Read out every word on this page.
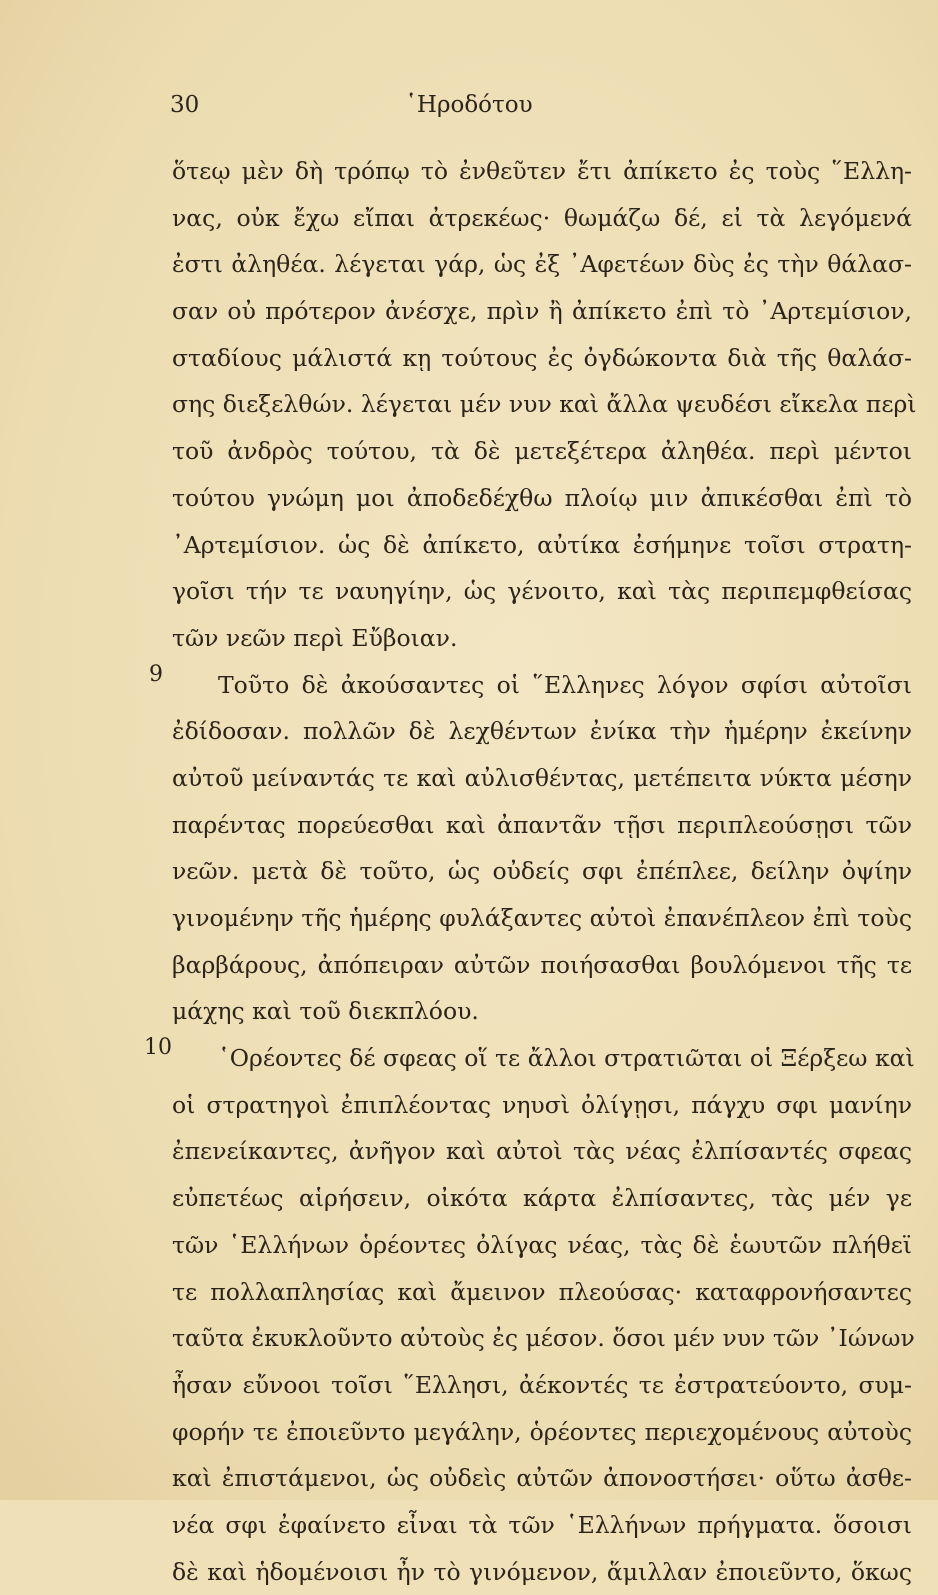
30	῾Ηροδότου
ὅτεῳ μὲν δὴ τρόπῳ τὸ ἐνθεῦτεν ἔτι ἀπίκετο ἐς τοὺς ῞Ελλη-
νας, οὐκ ἔχω εἴπαι ἀτρεκέως· θωμάζω δέ, εἰ τὰ λεγόμενά
ἐστι ἀληθέα. λέγεται γάρ, ὡς ἐξ ᾿Αφετέων δὺς ἐς τὴν θάλασ-
σαν οὐ πρότερον ἀνέσχε, πρὶν ἢ ἀπίκετο ἐπὶ τὸ ᾿Αρτεμίσιον,
σταδίους μάλιστά κῃ τούτους ἐς ὀγδώκοντα διὰ τῆς θαλάσ-
σης διεξελθών. λέγεται μέν νυν καὶ ἄλλα ψευδέσι εἴκελα περὶ
τοῦ ἀνδρὸς τούτου, τὰ δὲ μετεξέτερα ἀληθέα. περὶ μέντοι
τούτου γνώμη μοι ἀποδεδέχθω πλοίῳ μιν ἀπικέσθαι ἐπὶ τὸ
᾿Αρτεμίσιον. ὡς δὲ ἀπίκετο, αὐτίκα ἐσήμηνε τοῖσι στρατη-
γοῖσι τήν τε ναυηγίην, ὡς γένοιτο, καὶ τὰς περιπεμφθείσας
τῶν νεῶν περὶ Εὔβοιαν.
9	Τοῦτο δὲ ἀκούσαντες οἱ ῞Ελληνες λόγον σφίσι αὐτοῖσι
ἐδίδοσαν. πολλῶν δὲ λεχθέντων ἐνίκα τὴν ἡμέρην ἐκείνην
αὐτοῦ μείναντάς τε καὶ αὐλισθέντας, μετέπειτα νύκτα μέσην
παρέντας πορεύεσθαι καὶ ἀπαντᾶν τῇσι περιπλεούσῃσι τῶν
νεῶν. μετὰ δὲ τοῦτο, ὡς οὐδείς σφι ἐπέπλεε, δείλην ὀψίην
γινομένην τῆς ἡμέρης φυλάξαντες αὐτοὶ ἐπανέπλεον ἐπὶ τοὺς
βαρβάρους, ἀπόπειραν αὐτῶν ποιήσασθαι βουλόμενοι τῆς τε
μάχης καὶ τοῦ διεκπλόου.
10	῾Ορέοντες δέ σφεας οἵ τε ἄλλοι στρατιῶται οἱ Ξέρξεω καὶ
οἱ στρατηγοὶ ἐπιπλέοντας νηυσὶ ὀλίγῃσι, πάγχυ σφι μανίην
ἐπενείκαντες, ἀνῆγον καὶ αὐτοὶ τὰς νέας ἐλπίσαντές σφεας
εὐπετέως αἱρήσειν, οἰκότα κάρτα ἐλπίσαντες, τὰς μέν γε
τῶν ῾Ελλήνων ὁρέοντες ὀλίγας νέας, τὰς δὲ ἑωυτῶν πλήθεϊ
τε πολλαπλησίας καὶ ἄμεινον πλεούσας· καταφρονήσαντες
ταῦτα ἐκυκλοῦντο αὐτοὺς ἐς μέσον. ὅσοι μέν νυν τῶν ᾿Ιώνων
ἦσαν εὔνοοι τοῖσι ῞Ελλησι, ἀέκοντές τε ἐστρατεύοντο, συμ-
φορήν τε ἐποιεῦντο μεγάλην, ὁρέοντες περιεχομένους αὐτοὺς
καὶ ἐπιστάμενοι, ὡς οὐδεὶς αὐτῶν ἀπονοστήσει· οὕτω ἀσθε-
νέα σφι ἐφαίνετο εἶναι τὰ τῶν ῾Ελλήνων πρήγματα. ὅσοισι
δὲ καὶ ἡδομένοισι ἦν τὸ γινόμενον, ἅμιλλαν ἐποιεῦντο, ὅκως
